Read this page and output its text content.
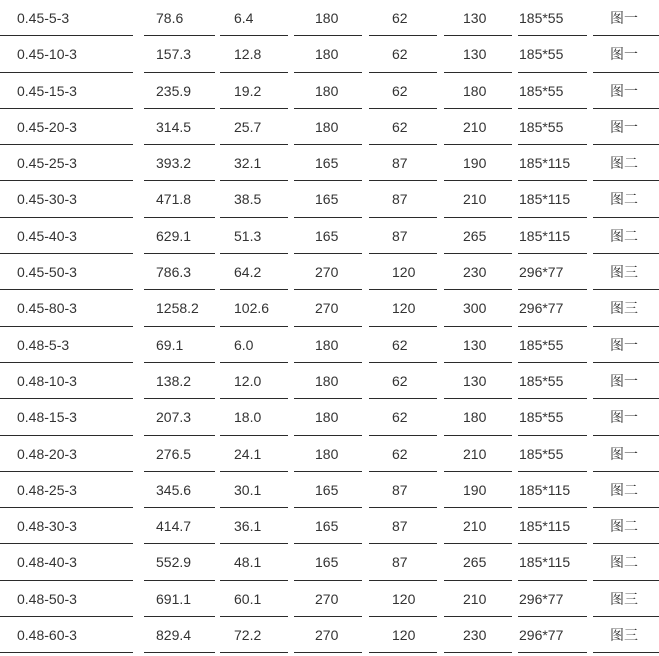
0.45-5-3	78.6	6.4	180	62	130 185*55	图一
0.45-10-3	157.3	12.8	180	62	130 185*55	图一
0.45-15-3	235.9	19.2	180	62	180 185*55	图一
0.45-20-3	314.5	25.7	180	62	210 185*55	图一
0.45-25-3	393.2	32.1	165	87	190 185*115	图二
0.45-30-3	471.8	38.5	165	87	210 185*115	图二
0.45-40-3	629.1	51.3	165	87	265 185*115	图二
0.45-50-3	786.3	64.2	270	120	230 296*77	图三
0.45-80-3	1258.2	102.6	270	120	300 296*77	图三
0.48-5-3	69.1	6.0	180	62	130 185*55	图一
0.48-10-3	138.2	12.0	180	62	130 185*55	图一
0.48-15-3	207.3	18.0	180	62	180 185*55	图一
0.48-20-3	276.5	24.1	180	62	210 185*55	图一
0.48-25-3	345.6	30.1	165	87	190 185*115	图二
0.48-30-3	414.7	36.1	165	87	210 185*115	图二
0.48-40-3	552.9	48.1	165	87	265 185*115	图二
0.48-50-3	691.1	60.1	270	120	210 296*77	图三
0.48-60-3	829.4	72.2	270	120	230 296*77	图三
